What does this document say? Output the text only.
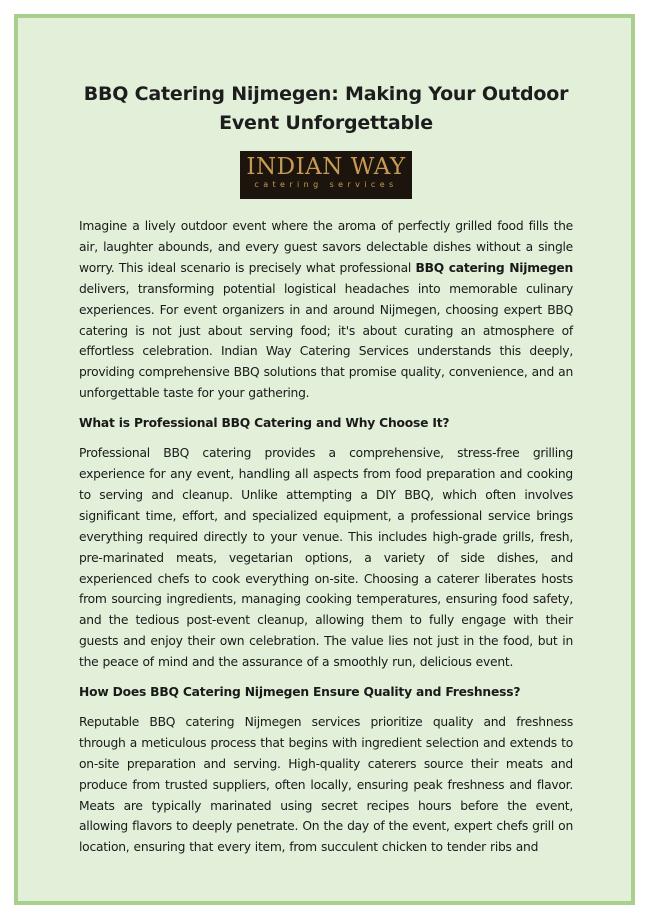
BBQ Catering Nijmegen: Making Your Outdoor Event Unforgettable
INDIAN WAY
catering services

Imagine a lively outdoor event where the aroma of perfectly grilled food fills the air, laughter abounds, and every guest savors delectable dishes without a single worry. This ideal scenario is precisely what professional BBQ catering Nijmegen delivers, transforming potential logistical headaches into memorable culinary experiences. For event organizers in and around Nijmegen, choosing expert BBQ catering is not just about serving food; it's about curating an atmosphere of effortless celebration. Indian Way Catering Services understands this deeply, providing comprehensive BBQ solutions that promise quality, convenience, and an unforgettable taste for your gathering.

What is Professional BBQ Catering and Why Choose It?

Professional BBQ catering provides a comprehensive, stress-free grilling experience for any event, handling all aspects from food preparation and cooking to serving and cleanup. Unlike attempting a DIY BBQ, which often involves significant time, effort, and specialized equipment, a professional service brings everything required directly to your venue. This includes high-grade grills, fresh, pre-marinated meats, vegetarian options, a variety of side dishes, and experienced chefs to cook everything on-site. Choosing a caterer liberates hosts from sourcing ingredients, managing cooking temperatures, ensuring food safety, and the tedious post-event cleanup, allowing them to fully engage with their guests and enjoy their own celebration. The value lies not just in the food, but in the peace of mind and the assurance of a smoothly run, delicious event.

How Does BBQ Catering Nijmegen Ensure Quality and Freshness?

Reputable BBQ catering Nijmegen services prioritize quality and freshness through a meticulous process that begins with ingredient selection and extends to on-site preparation and serving. High-quality caterers source their meats and produce from trusted suppliers, often locally, ensuring peak freshness and flavor. Meats are typically marinated using secret recipes hours before the event, allowing flavors to deeply penetrate. On the day of the event, expert chefs grill on location, ensuring that every item, from succulent chicken to tender ribs and
